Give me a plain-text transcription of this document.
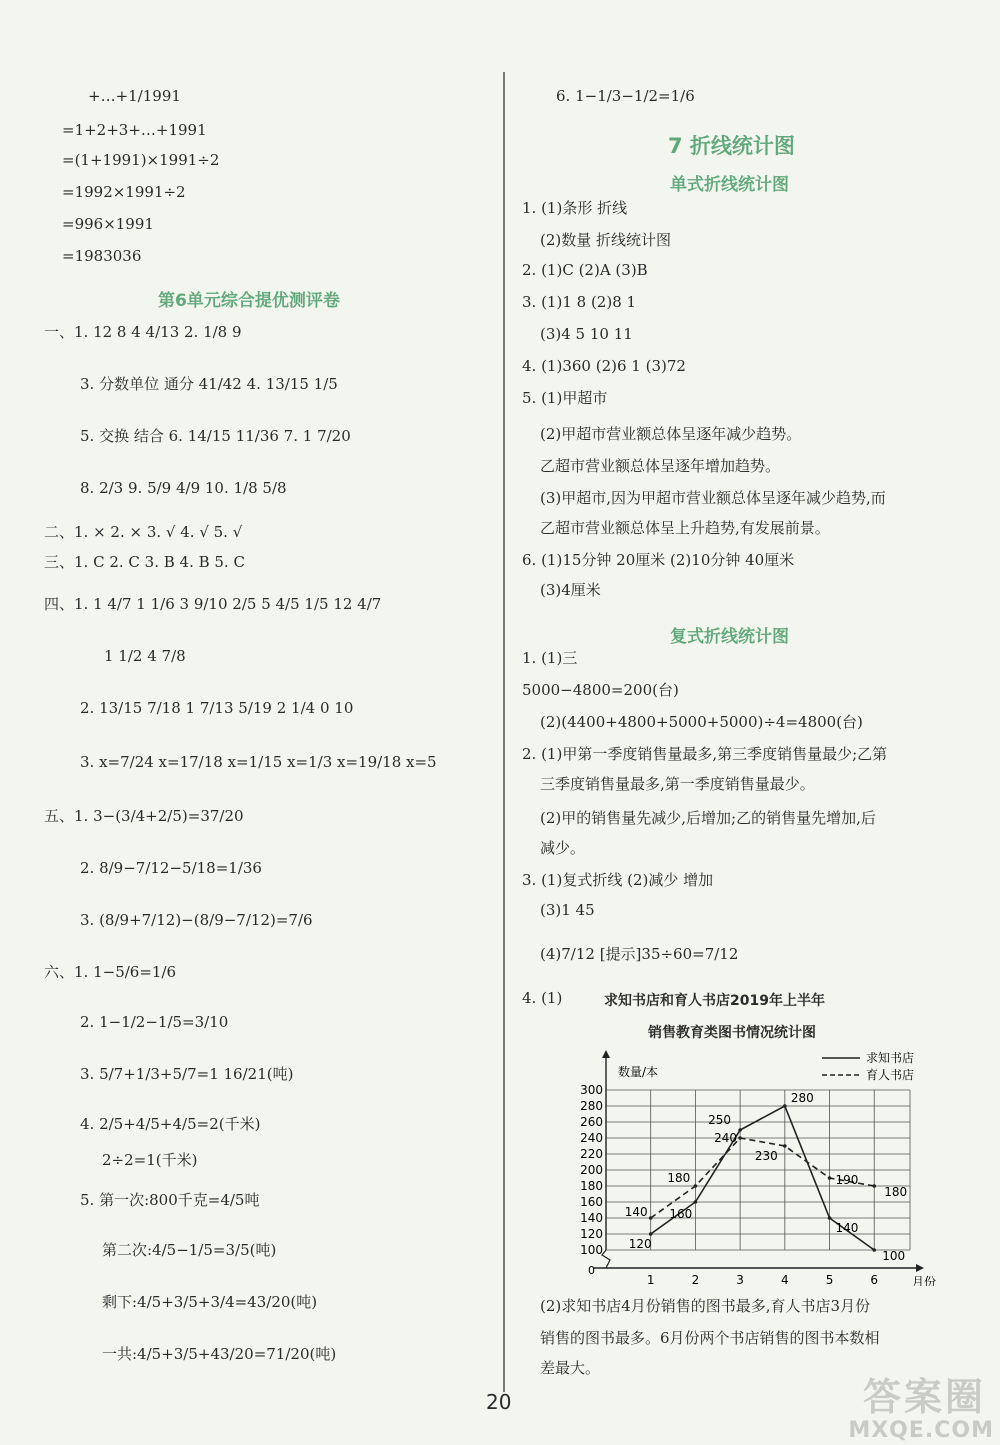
+…+1/1991
=1+2+3+…+1991
=(1+1991)×1991÷2
=1992×1991÷2
=996×1991
=1983036
第6单元综合提优测评卷
一、1. 12 8 4 4/13 2. 1/8 9
3. 分数单位 通分 41/42 4. 13/15 1/5
5. 交换 结合 6. 14/15 11/36 7. 1 7/20
8. 2/3 9. 5/9 4/9 10. 1/8 5/8
二、1. × 2. × 3. √ 4. √ 5. √
三、1. C 2. C 3. B 4. B 5. C
四、1. 1 4/7 1 1/6 3 9/10 2/5 5 4/5 1/5 12 4/7
1 1/2 4 7/8
2. 13/15 7/18 1 7/13 5/19 2 1/4 0 10
3. x=7/24 x=17/18 x=1/15 x=1/3 x=19/18 x=5
五、1. 3−(3/4+2/5)=37/20
2. 8/9−7/12−5/18=1/36
3. (8/9+7/12)−(8/9−7/12)=7/6
六、1. 1−5/6=1/6
2. 1−1/2−1/5=3/10
3. 5/7+1/3+5/7=1 16/21(吨)
4. 2/5+4/5+4/5=2(千米)
2÷2=1(千米)
5. 第一次:800千克=4/5吨
第二次:4/5−1/5=3/5(吨)
剩下:4/5+3/5+3/4=43/20(吨)
一共:4/5+3/5+43/20=71/20(吨)
6. 1−1/3−1/2=1/6
7 折线统计图
单式折线统计图
1. (1)条形 折线
(2)数量 折线统计图
2. (1)C (2)A (3)B
3. (1)1 8 (2)8 1
(3)4 5 10 11
4. (1)360 (2)6 1 (3)72
5. (1)甲超市
(2)甲超市营业额总体呈逐年减少趋势。
乙超市营业额总体呈逐年增加趋势。
(3)甲超市,因为甲超市营业额总体呈逐年减少趋势,而
乙超市营业额总体呈上升趋势,有发展前景。
6. (1)15分钟 20厘米 (2)10分钟 40厘米
(3)4厘米
复式折线统计图
1. (1)三
5000−4800=200(台)
(2)(4400+4800+5000+5000)÷4=4800(台)
2. (1)甲第一季度销售量最多,第三季度销售量最少;乙第
三季度销售量最多,第一季度销售量最少。
(2)甲的销售量先减少,后增加;乙的销售量先增加,后
减少。
3. (1)复式折线 (2)减少 增加
(3)1 45
(4)7/12 [提示]35÷60=7/12
4. (1)	求知书店和育人书店2019年上半年
销售教育类图书情况统计图
0
100
120
140
160
180
200
220
240
260
280
300
1	2	3	4	5	6	月份
数量/本
120
160
250
280
140
100
140
180
240
230
190
180
求知书店
育人书店
(2)求知书店4月份销售的图书最多,育人书店3月份
销售的图书最多。6月份两个书店销售的图书本数相
差最大。
20	答案圈
MXQE.COM
